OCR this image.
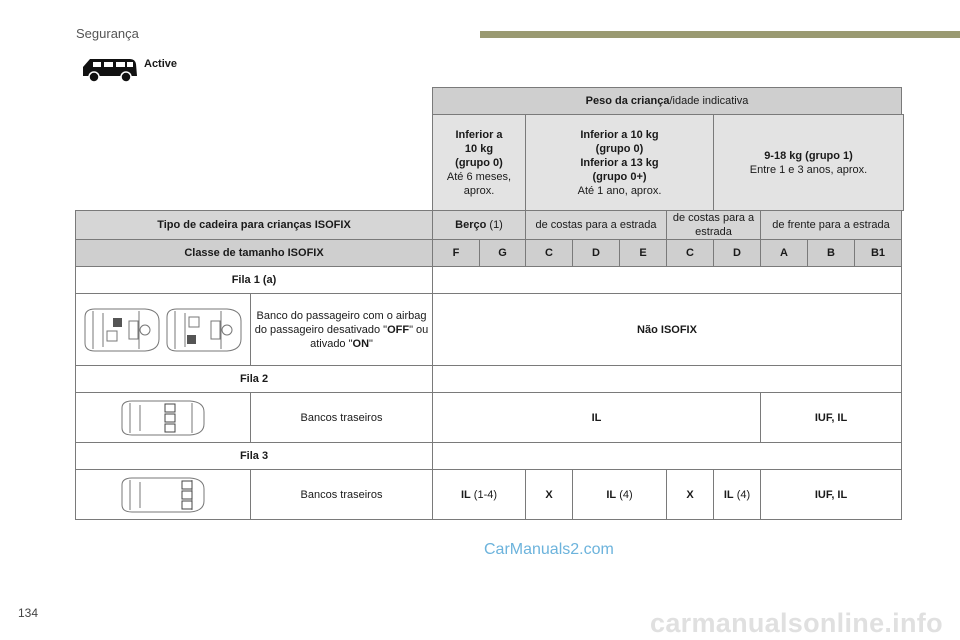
Segurança
Active
		Peso da criança/idade indicativa									
		Inferior a
10 kg
(grupo 0)
Até 6 meses,
aprox.		Inferior a 10 kg
(grupo 0)
Inferior a 13 kg
(grupo 0+)
Até 1 ano, aprox.				9-18 kg (grupo 1)
Entre 1 e 3 anos, aprox.			
Tipo de cadeira para crianças ISOFIX		Berço (1)		de costas para a estrada			de costas para a estrada		de frente para a estrada		
Classe de tamanho ISOFIX		F	G	C	D	E	C	D	A	B	B1
Fila 1 (a)											

	Banco do passageiro com o airbag do passageiro desativado "OFF" ou ativado "ON"	Não ISOFIX									
Fila 2											

	Bancos traseiros	IL							IUF, IL		
Fila 3											

	Bancos traseiros	IL (1-4)		X	IL (4)		X	IL (4)	IUF, IL		
CarManuals2.com
134	carmanualsonline.info
